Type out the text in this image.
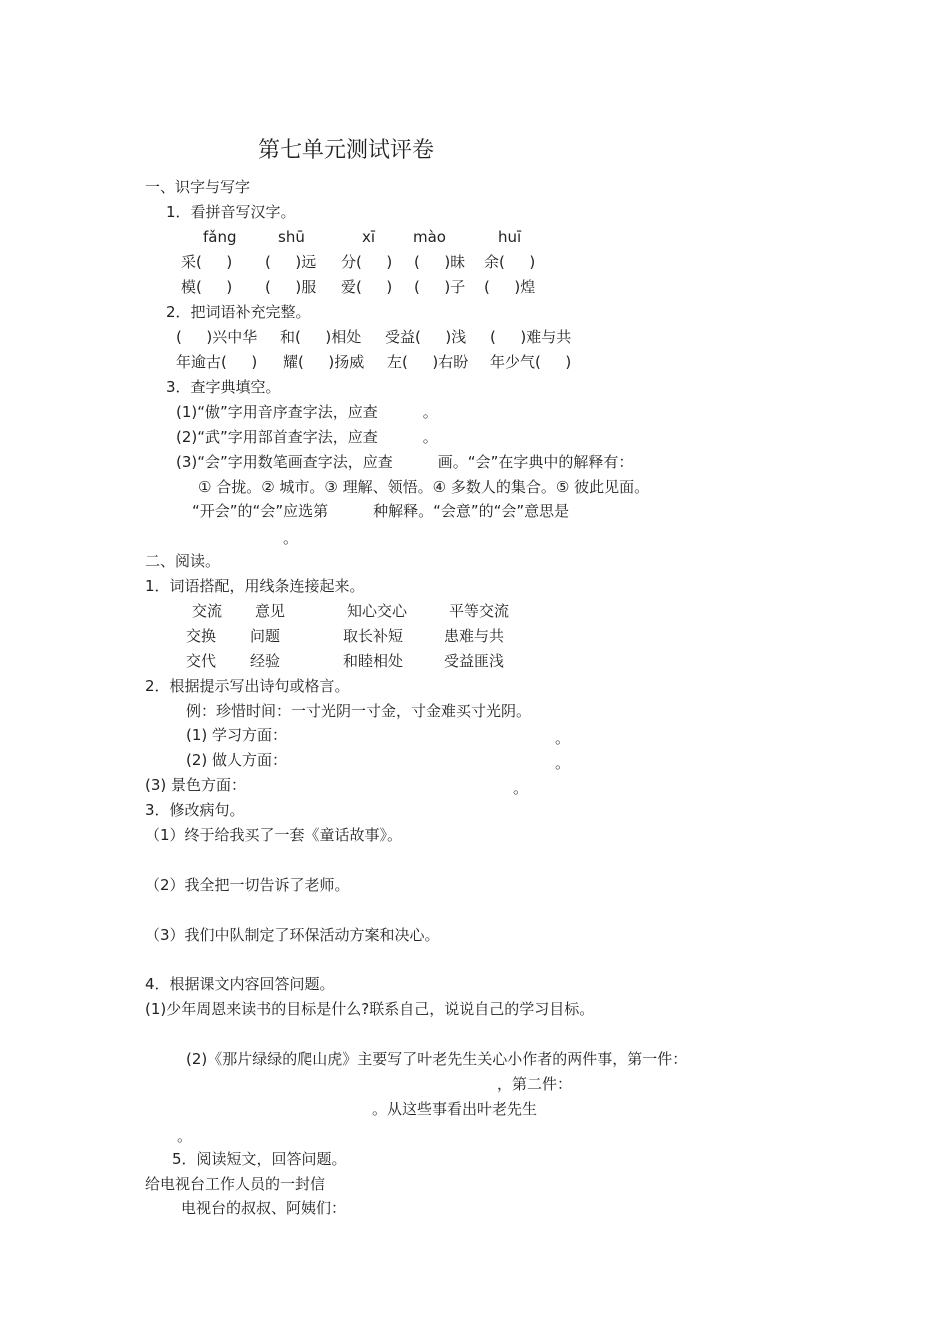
第七单元测试评卷
一、识字与写字
1．看拼音写汉字。
fǎng	shū	xī	mào	huī
采(　  ) (　  )远 分(　  ) (　  )昧 余(　  )
模(　  ) (　  )服 爱(　  ) (　  )子 (　  )煌
2．把词语补充完整。
(　  )兴中华 和(　  )相处 受益(　  )浅 (　  )难与共
年逾古(　  ) 耀(　  )扬威 左(　  )右盼 年少气(　  )
3．查字典填空。
(1)“傲”字用音序查字法，应查　　　。
(2)“武”字用部首查字法，应查　　　。
(3)“会”字用数笔画查字法，应查　　　画。“会”在字典中的解释有：
① 合拢。② 城市。③ 理解、领悟。④ 多数人的集合。⑤ 彼此见面。
“开会”的“会”应选第　　　种解释。“会意”的“会”意思是
。
二、阅读。
1．词语搭配，用线条连接起来。
交流 意见	知心交心	平等交流
交换 问题	取长补短	患难与共
交代 经验	和睦相处	受益匪浅
2．根据提示写出诗句或格言。
例：珍惜时间：一寸光阴一寸金，寸金难买寸光阴。
(1) 学习方面：	。
(2) 做人方面：	。
(3) 景色方面：	。
3．修改病句。
（1）终于给我买了一套《童话故事》。
（2）我全把一切告诉了老师。
（3）我们中队制定了环保活动方案和决心。
4．根据课文内容回答问题。
(1)少年周恩来读书的目标是什么?联系自己，说说自己的学习目标。
(2)《那片绿绿的爬山虎》主要写了叶老先生关心小作者的两件事，第一件：
，第二件：
。从这些事看出叶老先生
。
5．阅读短文，回答问题。
给电视台工作人员的一封信
电视台的叔叔、阿姨们：
